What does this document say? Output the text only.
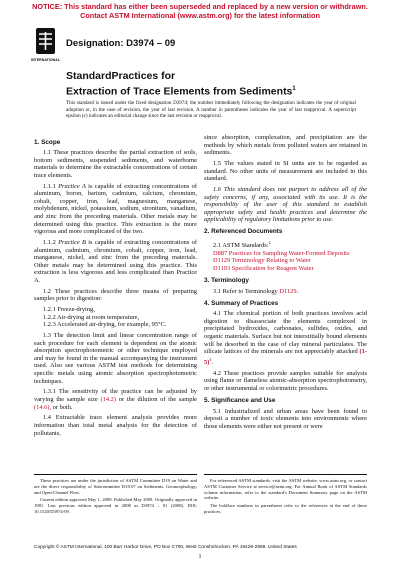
NOTICE: This standard has either been superseded and replaced by a new version or withdrawn.
Contact ASTM International (www.astm.org) for the latest information
INTERNATIONAL
Designation: D3974 – 09
StandardPractices for
Extraction of Trace Elements from Sediments$^1$
This standard is issued under the fixed designation D3974; the number immediately following the designation indicates the year of original adoption or, in the case of revision, the year of last revision. A number in parentheses indicates the year of last reapproval. A superscript epsilon (ε) indicates an editorial change since the last revision or reapproval.
1. Scope

1.1 These practices describe the partial extraction of soils, bottom sediments, suspended sediments, and waterborne materials to determine the extractable concentrations of certain trace elements.

1.1.1 Practice A is capable of extracting concentrations of aluminum, boron, barium, cadmium, calcium, chromium, cobalt, copper, iron, lead, magnesium, manganese, molybdenum, nickel, potassium, sodium, strontium, vanadium, and zinc from the preceding materials. Other metals may be determined using this practice. This extraction is the more vigorous and more complicated of the two.

1.1.2 Practice B is capable of extracting concentrations of aluminum, cadmium, chromium, cobalt, copper, iron, lead, manganese, nickel, and zinc from the preceding materials. Other metals may be determined using this practice. This extraction is less vigorous and less complicated than Practice A.

1.2 These practices describe three means of preparing samples prior to digestion:

1.2.1 Freeze-drying,

1.2.2 Air-drying at room temperature,

1.2.3 Accelerated air-drying, for example, 95°C.

1.3 The detection limit and linear concentration range of each procedure for each element is dependent on the atomic absorption spectrophotometric or other technique employed and may be found in the manual accompanying the instrument used. Also see various ASTM test methods for determining specific metals using atomic absorption spectrophotometric techniques.

1.3.1 The sensitivity of the practice can be adjusted by varying the sample size (14.2) or the dilution of the sample (14.6), or both.

1.4 Extractable trace element analysis provides more information than total metal analysis for the detection of pollutants,

since absorption, complexation, and precipitation are the methods by which metals from polluted waters are retained in sediments.

1.5 The values stated in SI units are to be regarded as standard. No other units of measurement are included in this standard.

1.6 This standard does not purport to address all of the safety concerns, if any, associated with its use. It is the responsibility of the user of this standard to establish appropriate safety and health practices and determine the applicability of regulatory limitations prior to use.

2. Referenced Documents

2.1 ASTM Standards:$^2$

D887 Practices for Sampling Water-Formed Deposits
D1129 Terminology Relating to Water
D1193 Specification for Reagent Water
3. Terminology

3.1 Refer to Terminology D1129.

4. Summary of Practices

4.1 The chemical portion of both practices involves acid digestion to disassociate the elements complexed in precipitated hydroxides, carbonates, sulfides, oxides, and organic materials. Surface but not interstitially bound elements will be desorbed in the case of clay mineral particulates. The silicate lattices of the minerals are not appreciably attacked $(1-5)^3$.

4.2 These practices provide samples suitable for analysis using flame or flameless atomic-absorption spectrophotometry, or other instrumental or colorimetric procedures.

5. Significance and Use

5.1 Industrialized and urban areas have been found to deposit a number of toxic elements into environments where those elements were either not present or were

These practices are under the jurisdiction of ASTM Committee D19 on Water and are the direct responsibility of Subcommittee D19.07 on Sediments, Geomorphology, and Open-Channel Flow.

Current edition approved May 1, 2009. Published May 2009. Originally approved in 1981. Last previous edition approved in 2008 as D3974 – 81 (2008). DOI: 10.1520/D3974-09.

For referenced ASTM standards, visit the ASTM website, www.astm.org, or contact ASTM Customer Service at service@astm.org. For Annual Book of ASTM Standards volume information, refer to the standard's Document Summary page on the ASTM website.

The boldface numbers in parentheses refer to the references at the end of these practices.

Copyright © ASTM International, 100 Barr Harbor Drive, PO Box C700, West Conshohocken, PA 19428-2959. United States
1
